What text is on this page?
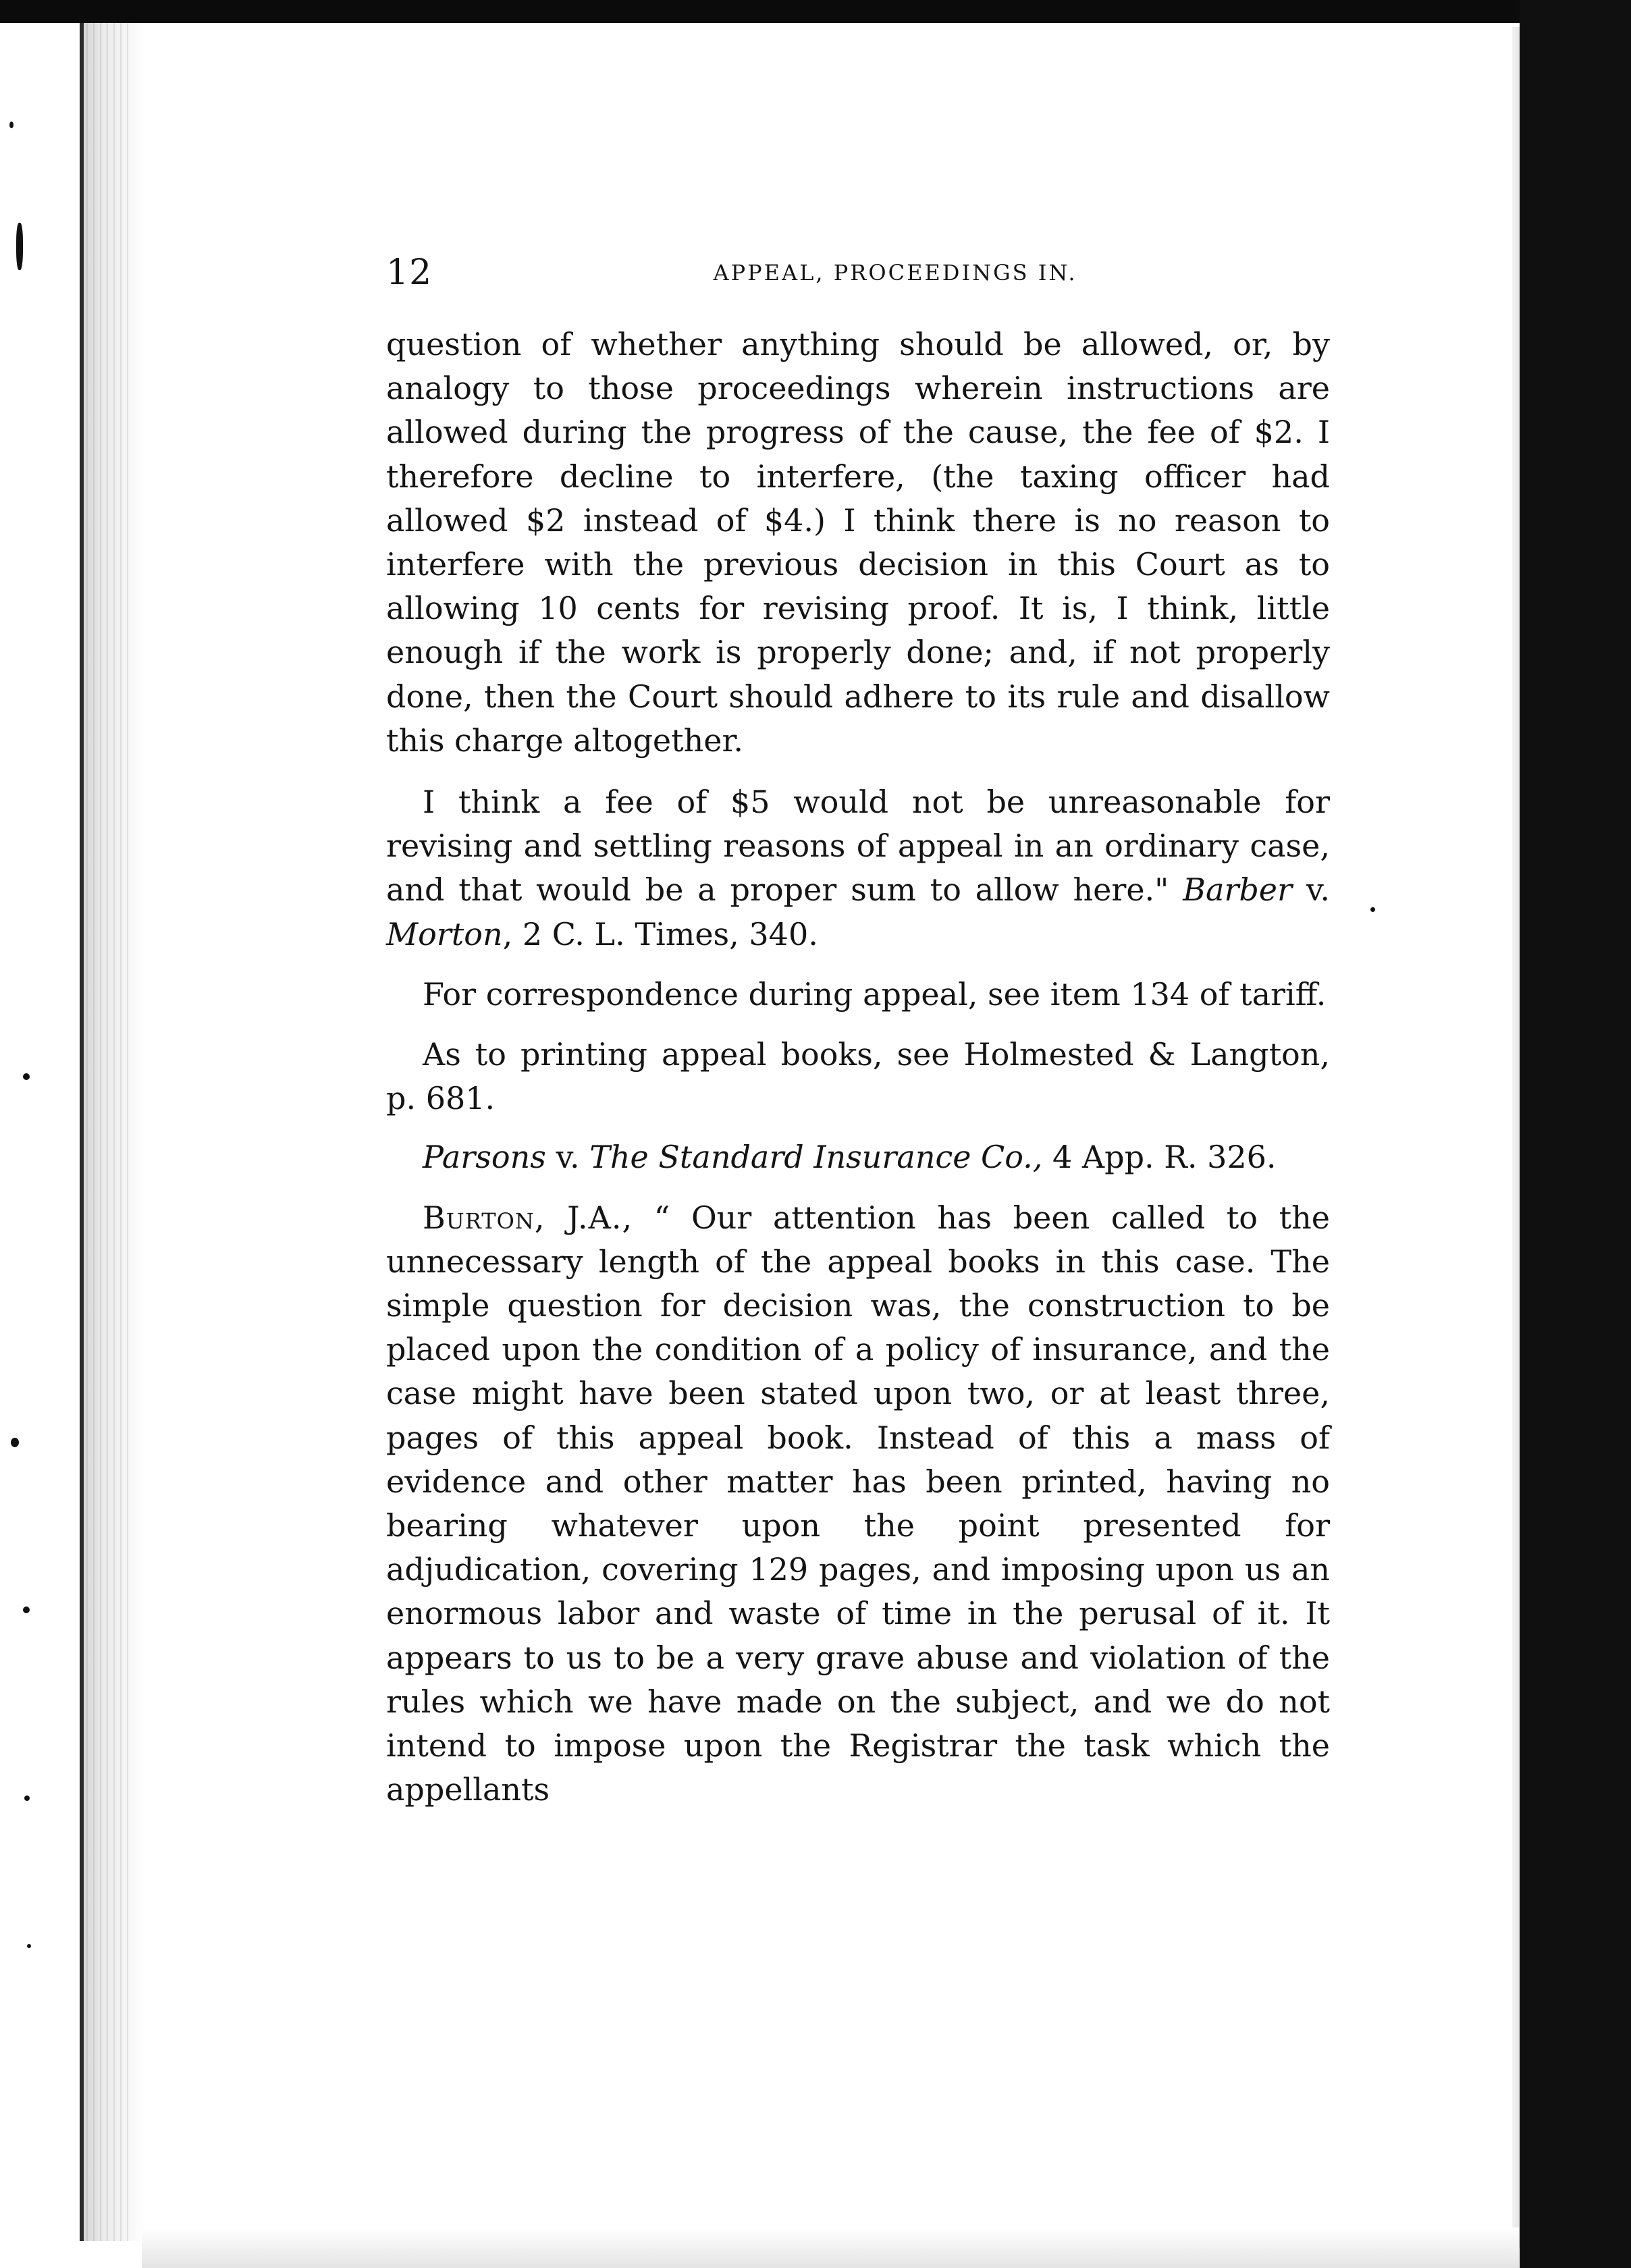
12	APPEAL, PROCEEDINGS IN.

question of whether anything should be allowed, or, by analogy to those proceedings wherein instructions are allowed during the progress of the cause, the fee of $2. I therefore decline to interfere, (the taxing officer had allowed $2 instead of $4.) I think there is no reason to interfere with the previous decision in this Court as to allowing 10 cents for revising proof. It is, I think, little enough if the work is properly done; and, if not properly done, then the Court should adhere to its rule and disallow this charge altogether.

I think a fee of $5 would not be unreasonable for revising and settling reasons of appeal in an ordinary case, and that would be a proper sum to allow here." Barber v. Morton, 2 C. L. Times, 340.

For correspondence during appeal, see item 134 of tariff.

As to printing appeal books, see Holmested & Langton, p. 681.

Parsons v. The Standard Insurance Co., 4 App. R. 326.

Burton, J.A., “ Our attention has been called to the unnecessary length of the appeal books in this case. The simple question for decision was, the construction to be placed upon the condition of a policy of insurance, and the case might have been stated upon two, or at least three, pages of this appeal book. Instead of this a mass of evidence and other matter has been printed, having no bearing whatever upon the point presented for adjudication, covering 129 pages, and imposing upon us an enormous labor and waste of time in the perusal of it. It appears to us to be a very grave abuse and violation of the rules which we have made on the subject, and we do not intend to impose upon the Registrar the task which the appellants
